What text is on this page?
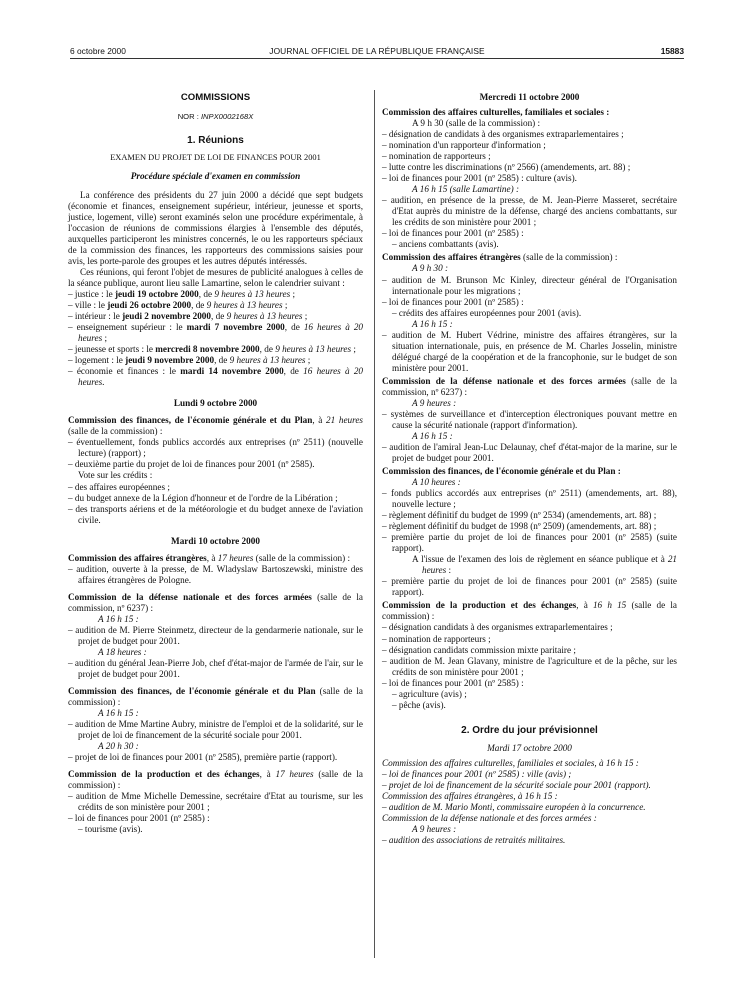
6 octobre 2000	JOURNAL OFFICIEL DE LA RÉPUBLIQUE FRANÇAISE	15883

COMMISSIONS

NOR : INPX0002168X

1. Réunions

EXAMEN DU PROJET DE LOI DE FINANCES POUR 2001

Procédure spéciale d'examen en commission

La conférence des présidents du 27 juin 2000 a décidé que sept budgets (économie et finances, enseignement supérieur, intérieur, jeunesse et sports, justice, logement, ville) seront examinés selon une procédure expérimentale, à l'occasion de réunions de commissions élargies à l'ensemble des députés, auxquelles participeront les ministres concernés, le ou les rapporteurs spéciaux de la commission des finances, les rapporteurs des commissions saisies pour avis, les porte-parole des groupes et les autres députés intéressés.

Ces réunions, qui feront l'objet de mesures de publicité analogues à celles de la séance publique, auront lieu salle Lamartine, selon le calendrier suivant :

– justice : le jeudi 19 octobre 2000, de 9 heures à 13 heures ;

– ville : le jeudi 26 octobre 2000, de 9 heures à 13 heures ;

– intérieur : le jeudi 2 novembre 2000, de 9 heures à 13 heures ;

– enseignement supérieur : le mardi 7 novembre 2000, de 16 heures à 20 heures ;

– jeunesse et sports : le mercredi 8 novembre 2000, de 9 heures à 13 heures ;

– logement : le jeudi 9 novembre 2000, de 9 heures à 13 heures ;

– économie et finances : le mardi 14 novembre 2000, de 16 heures à 20 heures.

Lundi 9 octobre 2000

Commission des finances, de l'économie générale et du Plan, à 21 heures (salle de la commission) :

– éventuellement, fonds publics accordés aux entreprises (nº 2511) (nouvelle lecture) (rapport) ;

– deuxième partie du projet de loi de finances pour 2001 (nº 2585).

Vote sur les crédits :

– des affaires européennes ;

– du budget annexe de la Légion d'honneur et de l'ordre de la Libération ;

– des transports aériens et de la météorologie et du budget annexe de l'aviation civile.

Mardi 10 octobre 2000

Commission des affaires étrangères, à 17 heures (salle de la commission) :

– audition, ouverte à la presse, de M. Wladyslaw Bartoszewski, ministre des affaires étrangères de Pologne.

Commission de la défense nationale et des forces armées (salle de la commission, nº 6237) :

A 16 h 15 :

– audition de M. Pierre Steinmetz, directeur de la gendarmerie nationale, sur le projet de budget pour 2001.

A 18 heures :

– audition du général Jean-Pierre Job, chef d'état-major de l'armée de l'air, sur le projet de budget pour 2001.

Commission des finances, de l'économie générale et du Plan (salle de la commission) :

A 16 h 15 :

– audition de Mme Martine Aubry, ministre de l'emploi et de la solidarité, sur le projet de loi de financement de la sécurité sociale pour 2001.

A 20 h 30 :

– projet de loi de finances pour 2001 (nº 2585), première partie (rapport).

Commission de la production et des échanges, à 17 heures (salle de la commission) :

– audition de Mme Michelle Demessine, secrétaire d'Etat au tourisme, sur les crédits de son ministère pour 2001 ;

– loi de finances pour 2001 (nº 2585) :

– tourisme (avis).

Mercredi 11 octobre 2000

Commission des affaires culturelles, familiales et sociales :

A 9 h 30 (salle de la commission) :

– désignation de candidats à des organismes extraparlementaires ;

– nomination d'un rapporteur d'information ;

– nomination de rapporteurs ;

– lutte contre les discriminations (nº 2566) (amendements, art. 88) ;

– loi de finances pour 2001 (nº 2585) : culture (avis).

A 16 h 15 (salle Lamartine) :

– audition, en présence de la presse, de M. Jean-Pierre Masseret, secrétaire d'Etat auprès du ministre de la défense, chargé des anciens combattants, sur les crédits de son ministère pour 2001 ;

– loi de finances pour 2001 (nº 2585) :

– anciens combattants (avis).

Commission des affaires étrangères (salle de la commission) :

A 9 h 30 :

– audition de M. Brunson Mc Kinley, directeur général de l'Organisation internationale pour les migrations ;

– loi de finances pour 2001 (nº 2585) :

– crédits des affaires européennes pour 2001 (avis).

A 16 h 15 :

– audition de M. Hubert Védrine, ministre des affaires étrangères, sur la situation internationale, puis, en présence de M. Charles Josselin, ministre délégué chargé de la coopération et de la francophonie, sur le budget de son ministère pour 2001.

Commission de la défense nationale et des forces armées (salle de la commission, nº 6237) :

A 9 heures :

– systèmes de surveillance et d'interception électroniques pouvant mettre en cause la sécurité nationale (rapport d'information).

A 16 h 15 :

– audition de l'amiral Jean-Luc Delaunay, chef d'état-major de la marine, sur le projet de budget pour 2001.

Commission des finances, de l'économie générale et du Plan :

A 10 heures :

– fonds publics accordés aux entreprises (nº 2511) (amendements, art. 88), nouvelle lecture ;

– règlement définitif du budget de 1999 (nº 2534) (amendements, art. 88) ;

– règlement définitif du budget de 1998 (nº 2509) (amendements, art. 88) ;

– première partie du projet de loi de finances pour 2001 (nº 2585) (suite rapport).

A l'issue de l'examen des lois de règlement en séance publique et à 21 heures :

– première partie du projet de loi de finances pour 2001 (nº 2585) (suite rapport).

Commission de la production et des échanges, à 16 h 15 (salle de la commission) :

– désignation candidats à des organismes extraparlementaires ;

– nomination de rapporteurs ;

– désignation candidats commission mixte paritaire ;

– audition de M. Jean Glavany, ministre de l'agriculture et de la pêche, sur les crédits de son ministère pour 2001 ;

– loi de finances pour 2001 (nº 2585) :

– agriculture (avis) ;

– pêche (avis).

2. Ordre du jour prévisionnel

Mardi 17 octobre 2000

Commission des affaires culturelles, familiales et sociales, à 16 h 15 :

– loi de finances pour 2001 (nº 2585) : ville (avis) ;

– projet de loi de financement de la sécurité sociale pour 2001 (rapport).

Commission des affaires étrangères, à 16 h 15 :

– audition de M. Mario Monti, commissaire européen à la concurrence.

Commission de la défense nationale et des forces armées :

A 9 heures :

– audition des associations de retraités militaires.
